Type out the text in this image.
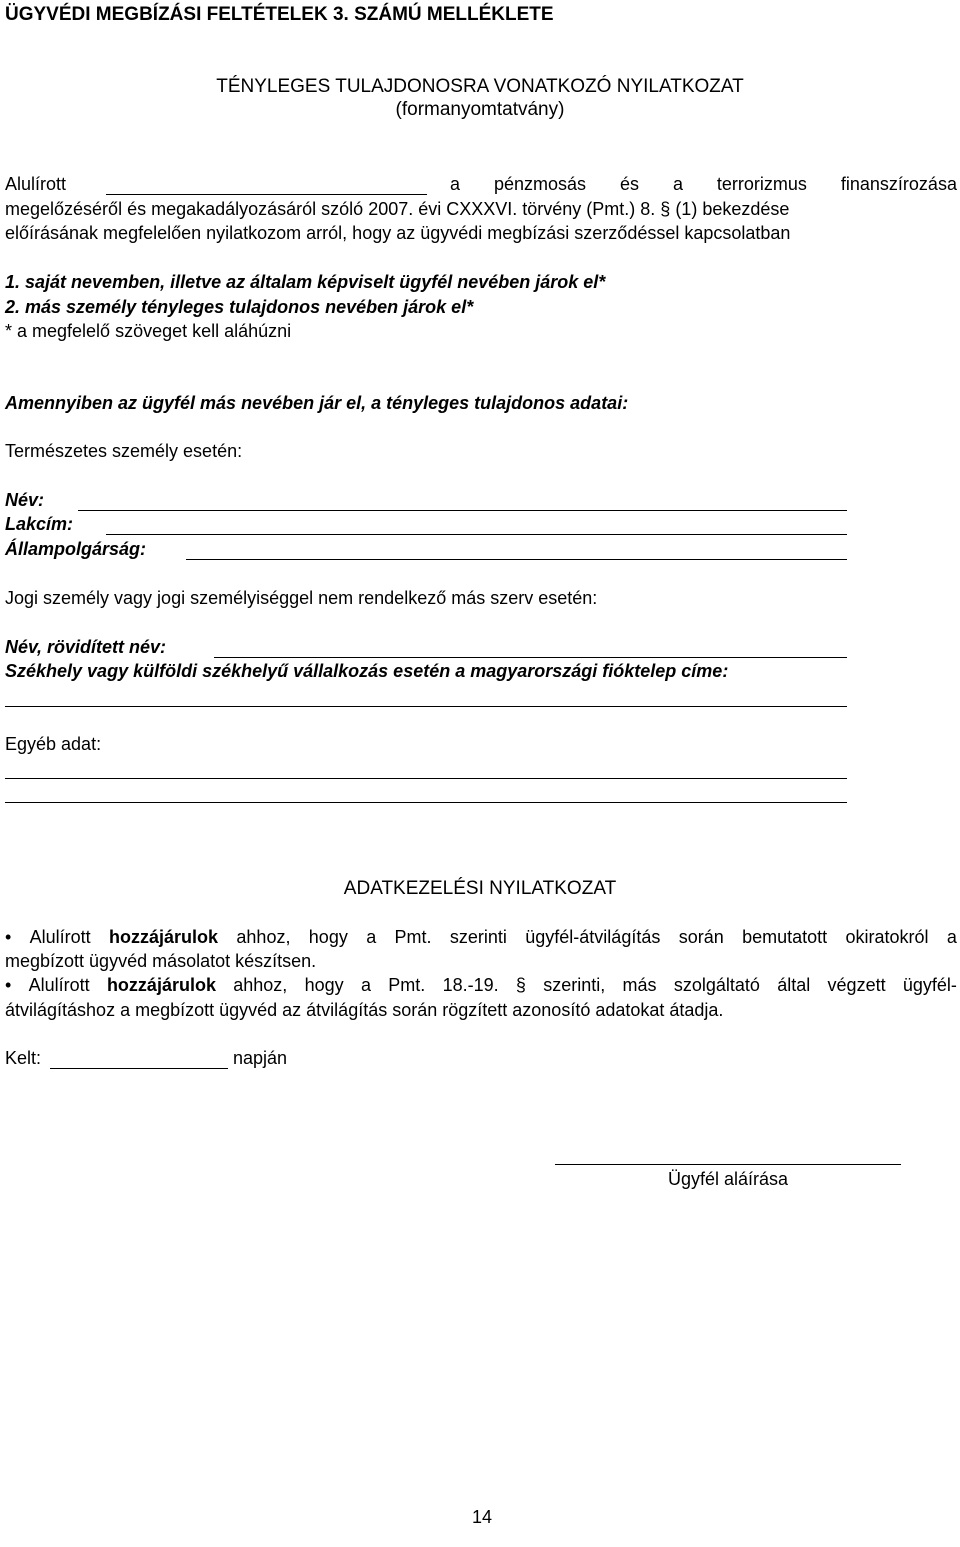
ÜGYVÉDI MEGBÍZÁSI FELTÉTELEK 3. SZÁMÚ MELLÉKLETE
TÉNYLEGES TULAJDONOSRA VONATKOZÓ NYILATKOZAT
(formanyomtatvány)
Alulírott	a pénzmosás és a terrorizmus finanszírozása
megelőzéséről és megakadályozásáról szóló 2007. évi CXXXVI. törvény (Pmt.) 8. § (1) bekezdése
előírásának megfelelően nyilatkozom arról, hogy az ügyvédi megbízási szerződéssel kapcsolatban
1. saját nevemben, illetve az általam képviselt ügyfél nevében járok el*
2. más személy tényleges tulajdonos nevében járok el*
* a megfelelő szöveget kell aláhúzni
Amennyiben az ügyfél más nevében jár el, a tényleges tulajdonos adatai:
Természetes személy esetén:
Név:
Lakcím:
Állampolgárság:
Jogi személy vagy jogi személyiséggel nem rendelkező más szerv esetén:
Név, rövidített név:
Székhely vagy külföldi székhelyű vállalkozás esetén a magyarországi fióktelep címe:
Egyéb adat:
ADATKEZELÉSI NYILATKOZAT
• Alulírott hozzájárulok ahhoz, hogy a Pmt. szerinti ügyfél-átvilágítás során bemutatott okiratokról a
megbízott ügyvéd másolatot készítsen.
• Alulírott hozzájárulok ahhoz, hogy a Pmt. 18.-19. § szerinti, más szolgáltató által végzett ügyfél-
átvilágításhoz a megbízott ügyvéd az átvilágítás során rögzített azonosító adatokat átadja.
Kelt:	napján
Ügyfél aláírása
14
